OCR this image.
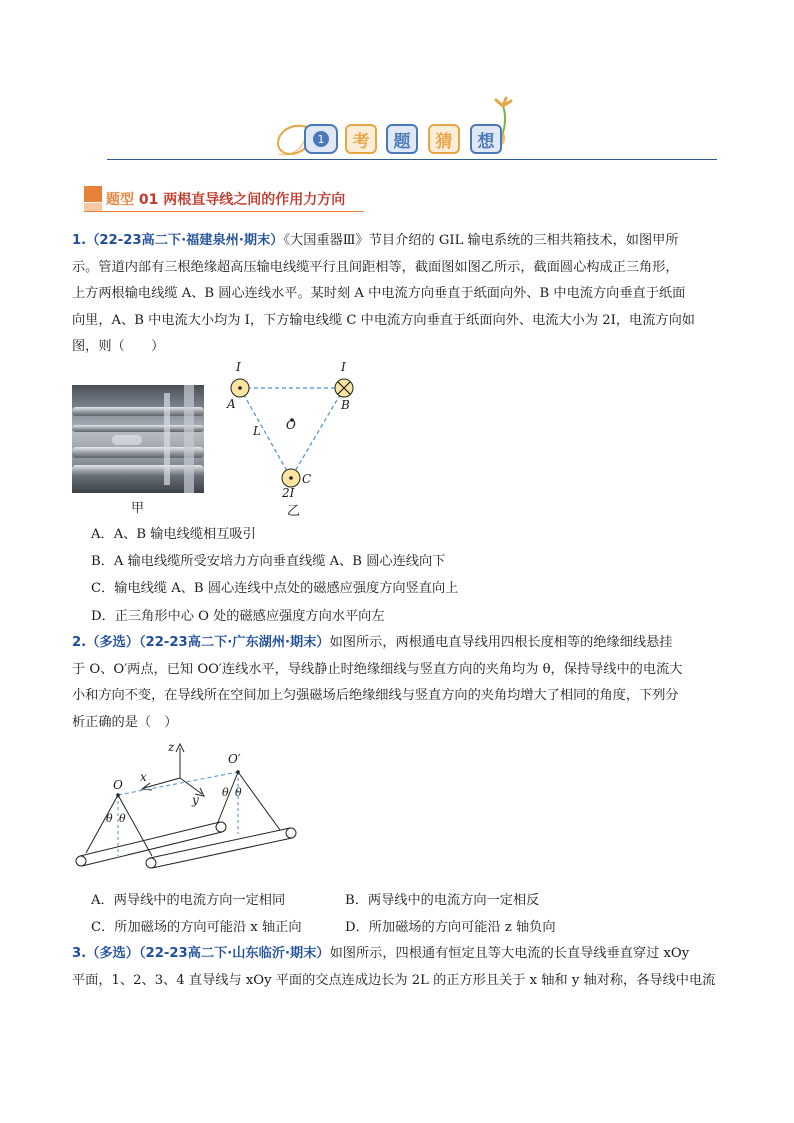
1	考	题	猜	想
题型 01 两根直导线之间的作用力方向
1.（22-23高二下·福建泉州·期末）《大国重器Ⅲ》节目介绍的 GIL 输电系统的三相共箱技术，如图甲所
示。管道内部有三根绝缘超高压输电线缆平行且间距相等，截面图如图乙所示，截面圆心构成正三角形，
上方两根输电线缆 A、B 圆心连线水平。某时刻 A 中电流方向垂直于纸面向外、B 中电流方向垂直于纸面
向里，A、B 中电流大小均为 I，下方输电线缆 C 中电流方向垂直于纸面向外、电流大小为 2I，电流方向如
图，则（　　）
甲
I	I
A	B
O
L
C
2I
乙
A．A、B 输电线缆相互吸引
B．A 输电线缆所受安培力方向垂直线缆 A、B 圆心连线向下
C．输电线缆 A、B 圆心连线中点处的磁感应强度方向竖直向上
D．正三角形中心 O 处的磁感应强度方向水平向左
2.（多选）（22-23高二下·广东湖州·期末）如图所示，两根通电直导线用四根长度相等的绝缘细线悬挂
于 O、O′两点，已知 OO′连线水平，导线静止时绝缘细线与竖直方向的夹角均为 θ，保持导线中的电流大
小和方向不变，在导线所在空间加上匀强磁场后绝缘细线与竖直方向的夹角均增大了相同的角度，下列分
析正确的是（　）
z
x
y
O
O′
θ θ
θ θ
A．两导线中的电流方向一定相同	B．两导线中的电流方向一定相反
C．所加磁场的方向可能沿 x 轴正向	D．所加磁场的方向可能沿 z 轴负向
3.（多选）（22-23高二下·山东临沂·期末）如图所示，四根通有恒定且等大电流的长直导线垂直穿过 xOy
平面，1、2、3、4 直导线与 xOy 平面的交点连成边长为 2L 的正方形且关于 x 轴和 y 轴对称，各导线中电流
